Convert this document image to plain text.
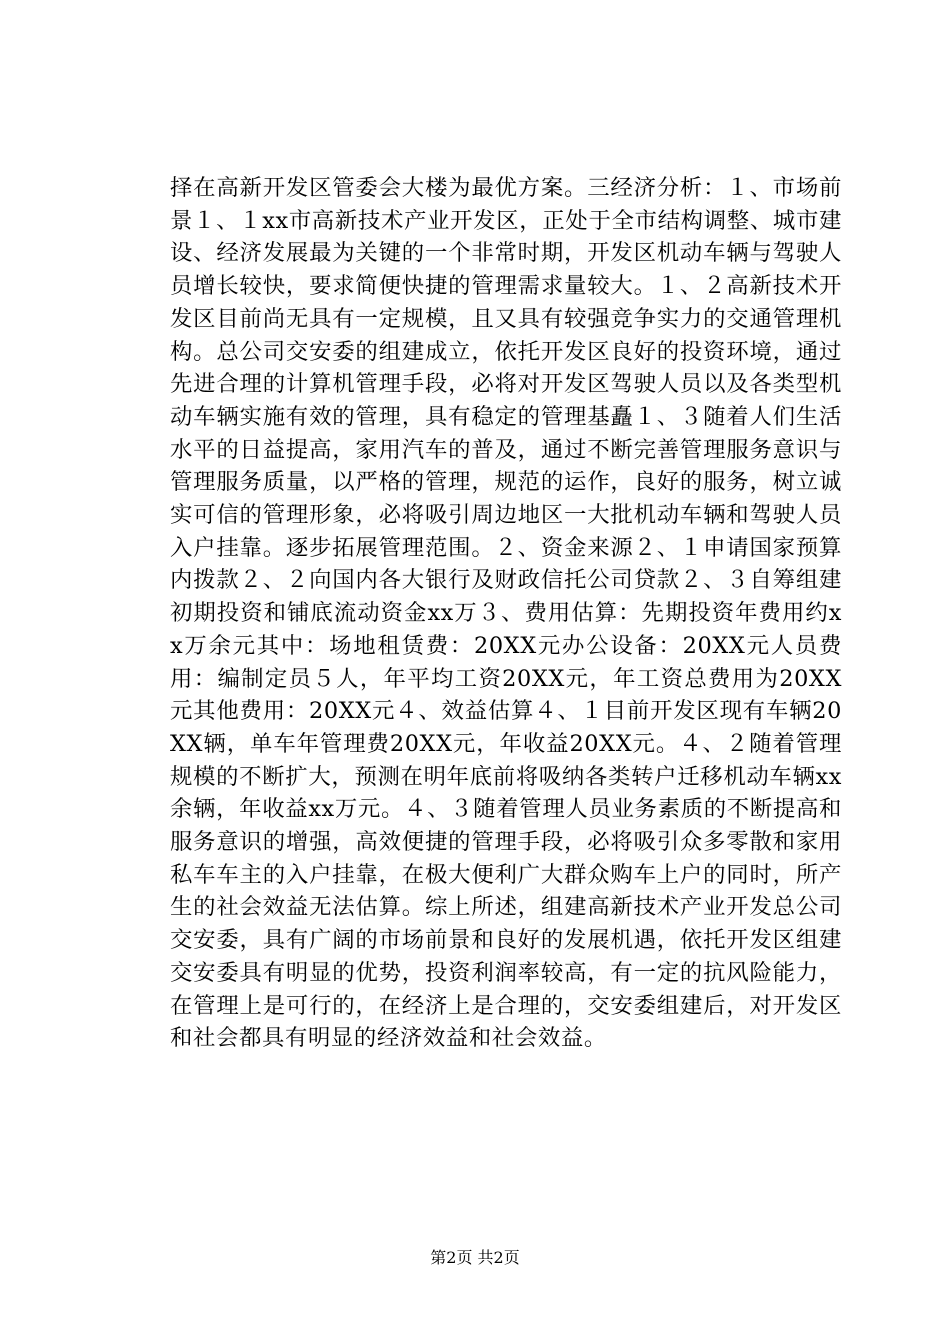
择在高新开发区管委会大楼为最优方案。三经济分析：１、市场前景１、１xx市高新技术产业开发区，正处于全市结构调整、城市建设、经济发展最为关键的一个非常时期，开发区机动车辆与驾驶人员增长较快，要求简便快捷的管理需求量较大。１、２高新技术开发区目前尚无具有一定规模，且又具有较强竞争实力的交通管理机构。总公司交安委的组建成立，依托开发区良好的投资环境，通过先进合理的计算机管理手段，必将对开发区驾驶人员以及各类型机动车辆实施有效的管理，具有稳定的管理基矗１、３随着人们生活水平的日益提高，家用汽车的普及，通过不断完善管理服务意识与管理服务质量，以严格的管理，规范的运作，良好的服务，树立诚实可信的管理形象，必将吸引周边地区一大批机动车辆和驾驶人员入户挂靠。逐步拓展管理范围。２、资金来源２、１申请国家预算内拨款２、２向国内各大银行及财政信托公司贷款２、３自筹组建初期投资和铺底流动资金xx万３、费用估算：先期投资年费用约xx万余元其中：场地租赁费：20XX元办公设备：20XX元人员费用：编制定员５人，年平均工资20XX元，年工资总费用为20XX元其他费用：20XX元４、效益估算４、１目前开发区现有车辆20XX辆，单车年管理费20XX元，年收益20XX元。４、２随着管理规模的不断扩大，预测在明年底前将吸纳各类转户迁移机动车辆xx余辆，年收益xx万元。４、３随着管理人员业务素质的不断提高和服务意识的增强，高效便捷的管理手段，必将吸引众多零散和家用私车车主的入户挂靠，在极大便利广大群众购车上户的同时，所产生的社会效益无法估算。综上所述，组建高新技术产业开发总公司交安委，具有广阔的市场前景和良好的发展机遇，依托开发区组建交安委具有明显的优势，投资利润率较高，有一定的抗风险能力，在管理上是可行的，在经济上是合理的，交安委组建后，对开发区和社会都具有明显的经济效益和社会效益。

第2页 共2页
